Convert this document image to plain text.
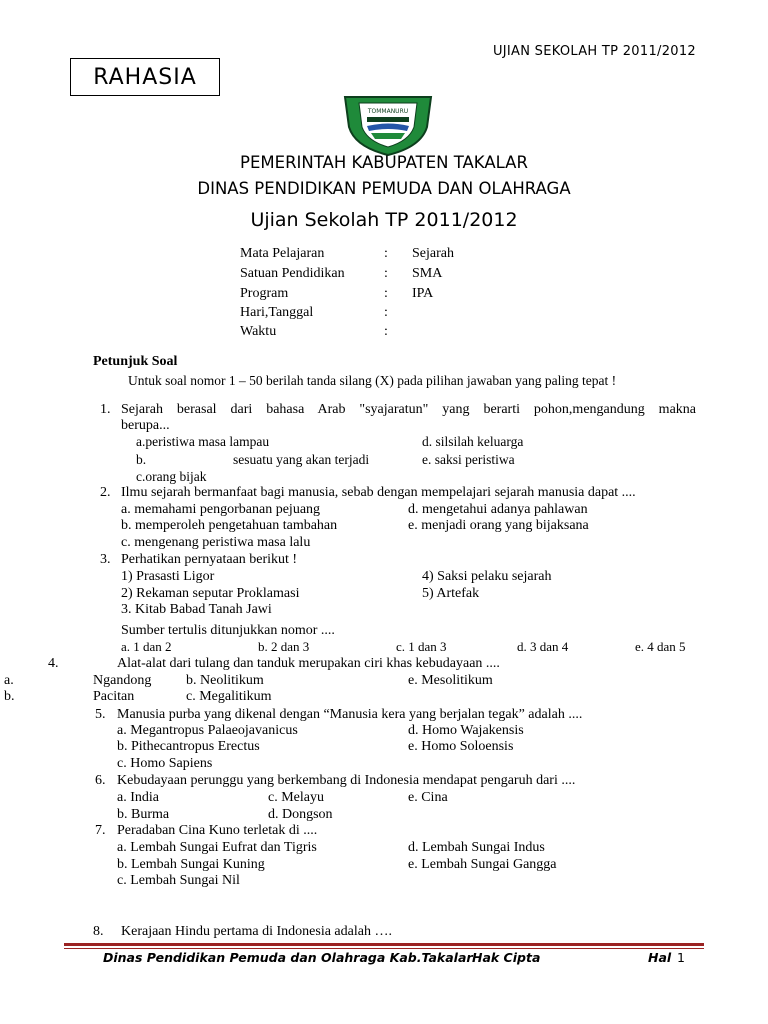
UJIAN SEKOLAH TP 2011/2012
RAHASIA
TOMMANURU
PEMERINTAH KABUPATEN TAKALAR
DINAS PENDIDIKAN PEMUDA DAN OLAHRAGA
Ujian Sekolah TP 2011/2012
Mata Pelajaran	: Sejarah
Satuan Pendidikan	: SMA
Program	: IPA
Hari,Tanggal	:
Waktu	:
Petunjuk Soal
Untuk soal nomor 1 – 50 berilah tanda silang (X) pada pilihan jawaban yang paling tepat !
1. Sejarah berasal dari bahasa Arab "syajaratun" yang berarti pohon,mengandung makna
berupa...
a.peristiwa masa lampau	d. silsilah keluarga
b.	sesuatu yang akan terjadi	e. saksi peristiwa
c.orang bijak
2. Ilmu sejarah bermanfaat bagi manusia, sebab dengan mempelajari sejarah manusia dapat ....
a. memahami pengorbanan pejuang	d. mengetahui adanya pahlawan
b. memperoleh pengetahuan tambahan	e. menjadi orang yang bijaksana
c. mengenang peristiwa masa lalu
3. Perhatikan pernyataan berikut !
1) Prasasti Ligor	4) Saksi pelaku sejarah
2) Rekaman seputar Proklamasi	5) Artefak
3. Kitab Babad Tanah Jawi
Sumber tertulis ditunjukkan nomor ....
a. 1 dan 2	b. 2 dan 3	c. 1 dan 3	d. 3 dan 4	e. 4 dan 5
4.	Alat-alat dari tulang dan tanduk merupakan ciri khas kebudayaan ....
a.	Ngandong b. Neolitikum	e. Mesolitikum
b.	Pacitan	c. Megalitikum
5. Manusia purba yang dikenal dengan “Manusia kera yang berjalan tegak” adalah ....
a. Megantropus Palaeojavanicus	d. Homo Wajakensis
b. Pithecantropus Erectus	e. Homo Soloensis
c. Homo Sapiens
6. Kebudayaan perunggu yang berkembang di Indonesia mendapat pengaruh dari ....
a. India	c. Melayu	e. Cina
b. Burma	d. Dongson
7. Peradaban Cina Kuno terletak di ....
a. Lembah Sungai Eufrat dan Tigris	d. Lembah Sungai Indus
b. Lembah Sungai Kuning	e. Lembah Sungai Gangga
c. Lembah Sungai Nil
8. Kerajaan Hindu pertama di Indonesia adalah ….
Dinas Pendidikan Pemuda dan Olahraga Kab.Takalar Hak Cipta	Hal 1
